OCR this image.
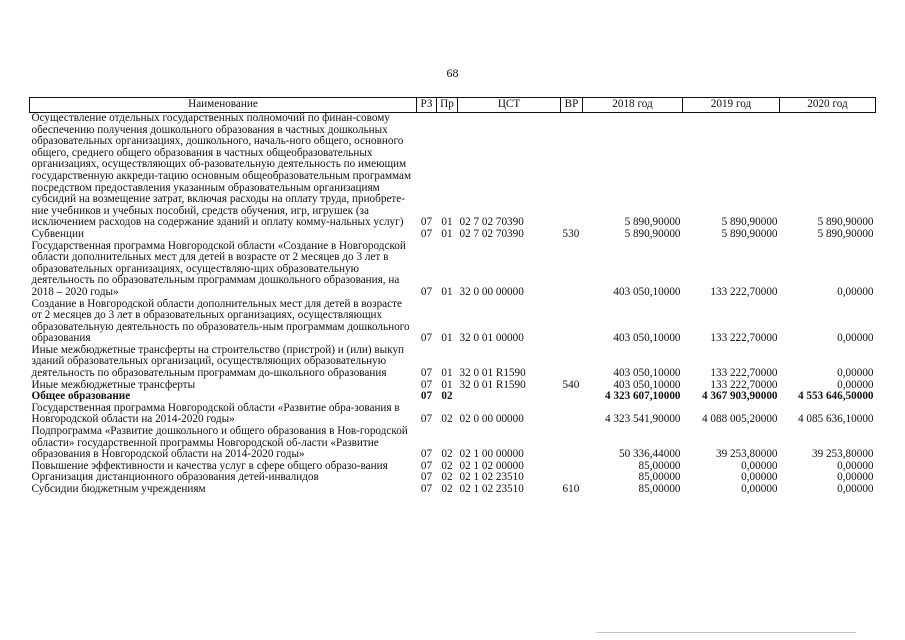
68
Наименование	РЗ	Пр	ЦСТ	ВР	2018 год	2019 год	2020 год
Осуществление отдельных государственных полномочий по финан-совому обеспечению получения дошкольного образования в частных дошкольных образовательных организациях, дошкольного, началь-ного общего, основного общего, среднего общего образования в частных общеобразовательных организациях, осуществляющих об-разовательную деятельность по имеющим государственную аккреди-тацию основным общеобразовательным программам посредством предоставления указанным образовательным организациям субсидий на возмещение затрат, включая расходы на оплату труда, приобрете-ние учебников и учебных пособий, средств обучения, игр, игрушек (за исключением расходов на содержание зданий и оплату комму-нальных услуг)	07	01	02 7 02 70390		5 890,90000	5 890,90000	5 890,90000
Субвенции	07	01	02 7 02 70390	530	5 890,90000	5 890,90000	5 890,90000
Государственная программа Новгородской области «Создание в Новгородской области дополнительных мест для детей в возрасте от 2 месяцев до 3 лет в образовательных организациях, осуществляю-щих образовательную деятельность по образовательным программам дошкольного образования, на 2018 – 2020 годы»	07	01	32 0 00 00000		403 050,10000	133 222,70000	0,00000
Создание в Новгородской области дополнительных мест для детей в возрасте от 2 месяцев до 3 лет в образовательных организациях, осуществляющих образовательную деятельность по образователь-ным программам дошкольного образования	07	01	32 0 01 00000		403 050,10000	133 222,70000	0,00000
Иные межбюджетные трансферты на строительство (пристрой) и (или) выкуп зданий образовательных организаций, осуществляющих образовательную деятельность по образовательным программам до-школьного образования	07	01	32 0 01 R1590		403 050,10000	133 222,70000	0,00000
Иные межбюджетные трансферты	07	01	32 0 01 R1590	540	403 050,10000	133 222,70000	0,00000
Общее образование	07	02			4 323 607,10000	4 367 903,90000	4 553 646,50000
Государственная программа Новгородской области «Развитие обра-зования в Новгородской области на 2014-2020 годы»	07	02	02 0 00 00000		4 323 541,90000	4 088 005,20000	4 085 636,10000
Подпрограмма «Развитие дошкольного и общего образования в Нов-городской области» государственной программы Новгородской об-ласти «Развитие образования в Новгородской области на 2014-2020 годы»	07	02	02 1 00 00000		50 336,44000	39 253,80000	39 253,80000
Повышение эффективности и качества услуг в сфере общего образо-вания	07	02	02 1 02 00000		85,00000	0,00000	0,00000
Организация дистанционного образования детей-инвалидов	07	02	02 1 02 23510		85,00000	0,00000	0,00000
Субсидии бюджетным учреждениям	07	02	02 1 02 23510	610	85,00000	0,00000	0,00000
